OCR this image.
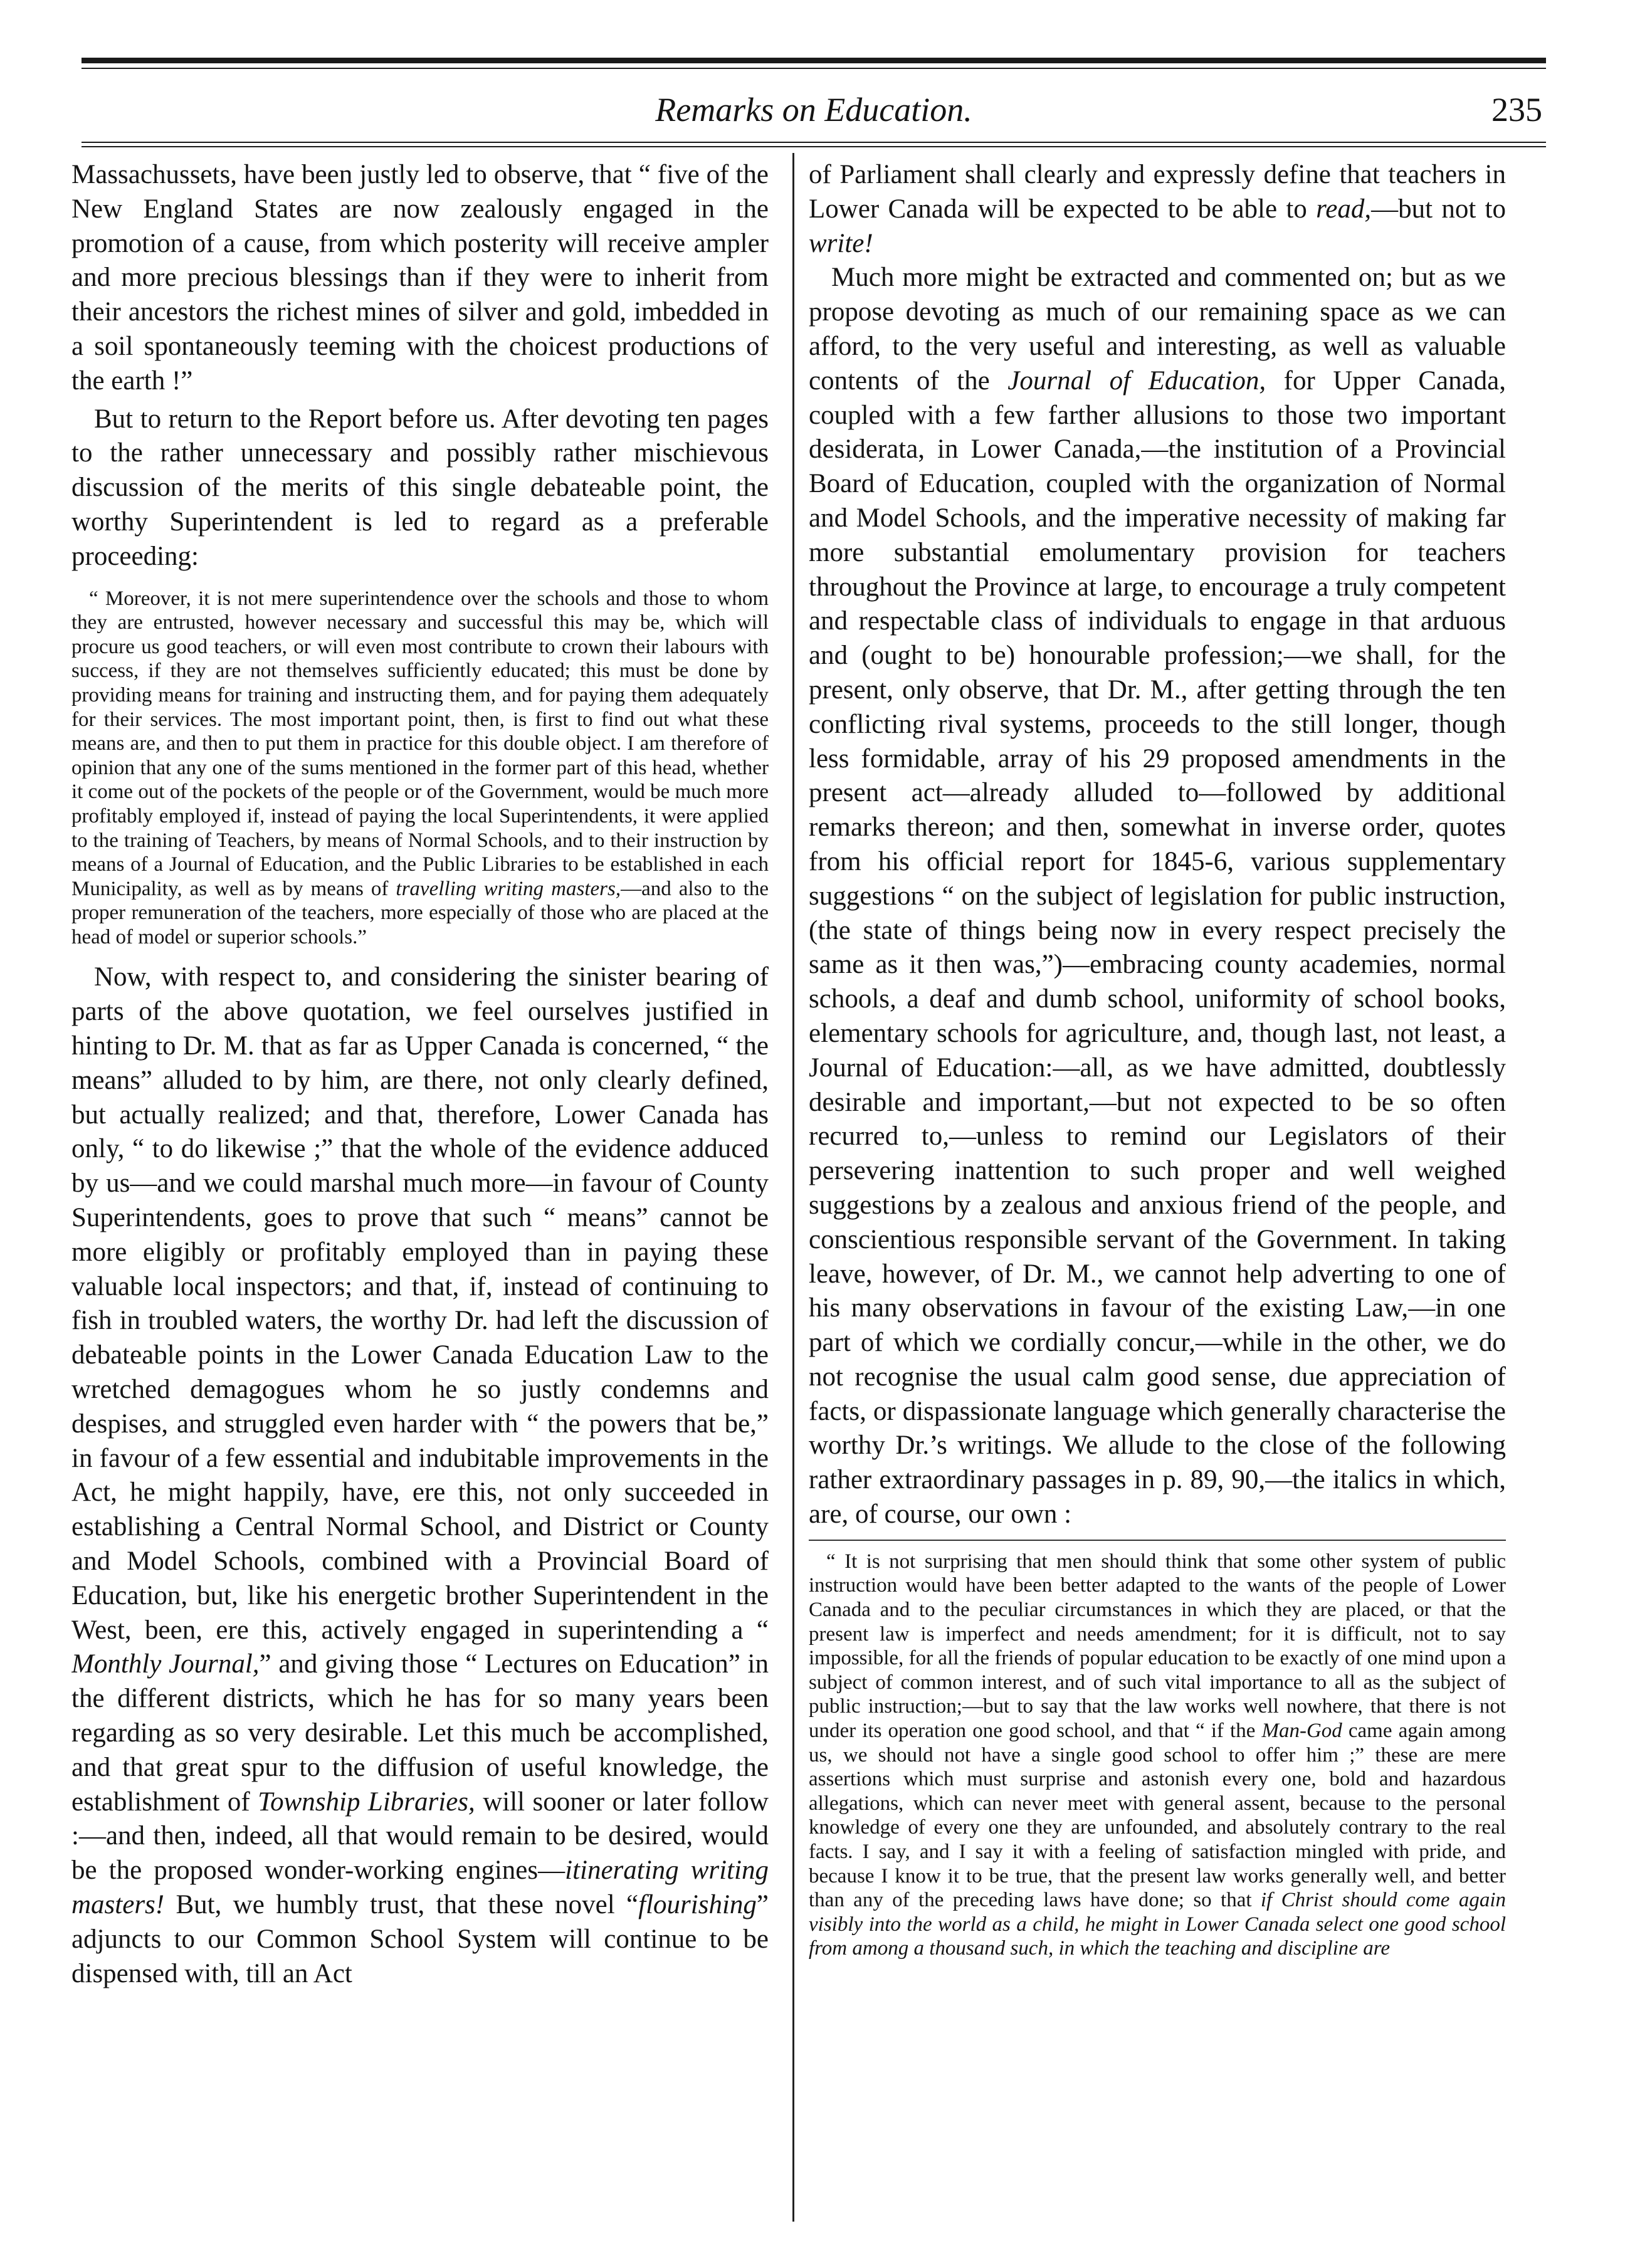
Remarks on Education.	235

Massachussets, have been justly led to observe, that “ five of the New England States are now zealously engaged in the promotion of a cause, from which posterity will receive ampler and more precious blessings than if they were to inherit from their ancestors the richest mines of silver and gold, imbedded in a soil spontaneously teeming with the choicest productions of the earth !”

But to return to the Report before us. After devoting ten pages to the rather unnecessary and possibly rather mischievous discussion of the merits of this single debateable point, the worthy Superintendent is led to regard as a preferable proceeding:

“ Moreover, it is not mere superintendence over the schools and those to whom they are entrusted, however necessary and successful this may be, which will procure us good teachers, or will even most contribute to crown their labours with success, if they are not themselves sufficiently educated; this must be done by providing means for training and instructing them, and for paying them adequately for their services. The most important point, then, is first to find out what these means are, and then to put them in practice for this double object. I am therefore of opinion that any one of the sums mentioned in the former part of this head, whether it come out of the pockets of the people or of the Government, would be much more profitably employed if, instead of paying the local Superintendents, it were applied to the training of Teachers, by means of Normal Schools, and to their instruction by means of a Journal of Education, and the Public Libraries to be established in each Municipality, as well as by means of travelling writing masters,—and also to the proper remuneration of the teachers, more especially of those who are placed at the head of model or superior schools.”

Now, with respect to, and considering the sinister bearing of parts of the above quotation, we feel ourselves justified in hinting to Dr. M. that as far as Upper Canada is concerned, “ the means” alluded to by him, are there, not only clearly defined, but actually realized; and that, therefore, Lower Canada has only, “ to do likewise ;” that the whole of the evidence adduced by us—and we could marshal much more—in favour of County Superintendents, goes to prove that such “ means” cannot be more eligibly or profitably employed than in paying these valuable local inspectors; and that, if, instead of continuing to fish in troubled waters, the worthy Dr. had left the discussion of debateable points in the Lower Canada Education Law to the wretched demagogues whom he so justly condemns and despises, and struggled even harder with “ the powers that be,” in favour of a few essential and indubitable improvements in the Act, he might happily, have, ere this, not only succeeded in establishing a Central Normal School, and District or County and Model Schools, combined with a Provincial Board of Education, but, like his energetic brother Superintendent in the West, been, ere this, actively engaged in superintending a “ Monthly Journal,” and giving those “ Lectures on Education” in the different districts, which he has for so many years been regarding as so very desirable. Let this much be accomplished, and that great spur to the diffusion of useful knowledge, the establishment of Township Libraries, will sooner or later follow :—and then, indeed, all that would remain to be desired, would be the proposed wonder-working engines—itinerating writing masters! But, we humbly trust, that these novel “flourishing” adjuncts to our Common School System will continue to be dispensed with, till an Act

of Parliament shall clearly and expressly define that teachers in Lower Canada will be expected to be able to read,—but not to write!

Much more might be extracted and commented on; but as we propose devoting as much of our remaining space as we can afford, to the very useful and interesting, as well as valuable contents of the Journal of Education, for Upper Canada, coupled with a few farther allusions to those two important desiderata, in Lower Canada,—the institution of a Provincial Board of Education, coupled with the organization of Normal and Model Schools, and the imperative necessity of making far more substantial emolumentary provision for teachers throughout the Province at large, to encourage a truly competent and respectable class of individuals to engage in that arduous and (ought to be) honourable profession;—we shall, for the present, only observe, that Dr. M., after getting through the ten conflicting rival systems, proceeds to the still longer, though less formidable, array of his 29 proposed amendments in the present act—already alluded to—followed by additional remarks thereon; and then, somewhat in inverse order, quotes from his official report for 1845-6, various supplementary suggestions “ on the subject of legislation for public instruction, (the state of things being now in every respect precisely the same as it then was,”)—embracing county academies, normal schools, a deaf and dumb school, uniformity of school books, elementary schools for agriculture, and, though last, not least, a Journal of Education:—all, as we have admitted, doubtlessly desirable and important,—but not expected to be so often recurred to,—unless to remind our Legislators of their persevering inattention to such proper and well weighed suggestions by a zealous and anxious friend of the people, and conscientious responsible servant of the Government. In taking leave, however, of Dr. M., we cannot help adverting to one of his many observations in favour of the existing Law,—in one part of which we cordially concur,—while in the other, we do not recognise the usual calm good sense, due appreciation of facts, or dispassionate language which generally characterise the worthy Dr.’s writings. We allude to the close of the following rather extraordinary passages in p. 89, 90,—the italics in which, are, of course, our own :

“ It is not surprising that men should think that some other system of public instruction would have been better adapted to the wants of the people of Lower Canada and to the peculiar circumstances in which they are placed, or that the present law is imperfect and needs amendment; for it is difficult, not to say impossible, for all the friends of popular education to be exactly of one mind upon a subject of common interest, and of such vital importance to all as the subject of public instruction;—but to say that the law works well nowhere, that there is not under its operation one good school, and that “ if the Man-God came again among us, we should not have a single good school to offer him ;” these are mere assertions which must surprise and astonish every one, bold and hazardous allegations, which can never meet with general assent, because to the personal knowledge of every one they are unfounded, and absolutely contrary to the real facts. I say, and I say it with a feeling of satisfaction mingled with pride, and because I know it to be true, that the present law works generally well, and better than any of the preceding laws have done; so that if Christ should come again visibly into the world as a child, he might in Lower Canada select one good school from among a thousand such, in which the teaching and discipline are
